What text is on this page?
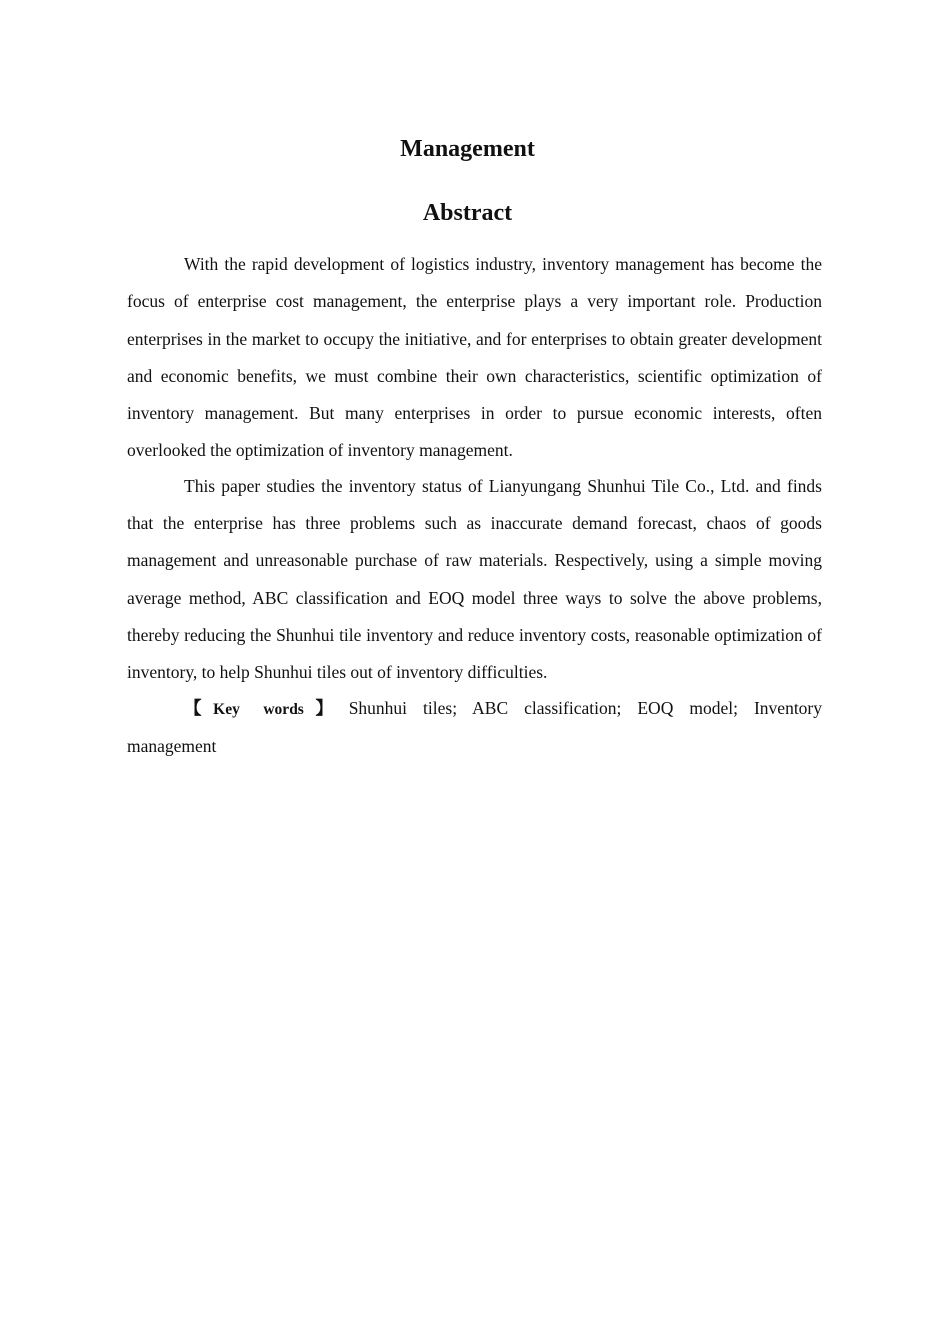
Management
Abstract

With the rapid development of logistics industry, inventory management has become the focus of enterprise cost management, the enterprise plays a very important role. Production enterprises in the market to occupy the initiative, and for enterprises to obtain greater development and economic benefits, we must combine their own characteristics, scientific optimization of inventory management. But many enterprises in order to pursue economic interests, often overlooked the optimization of inventory management.

This paper studies the inventory status of Lianyungang Shunhui Tile Co., Ltd. and finds that the enterprise has three problems such as inaccurate demand forecast, chaos of goods management and unreasonable purchase of raw materials. Respectively, using a simple moving average method, ABC classification and EOQ model three ways to solve the above problems, thereby reducing the Shunhui tile inventory and reduce inventory costs, reasonable optimization of inventory, to help Shunhui tiles out of inventory difficulties.

【 Key words 】 Shunhui tiles; ABC classification; EOQ model; Inventory management
